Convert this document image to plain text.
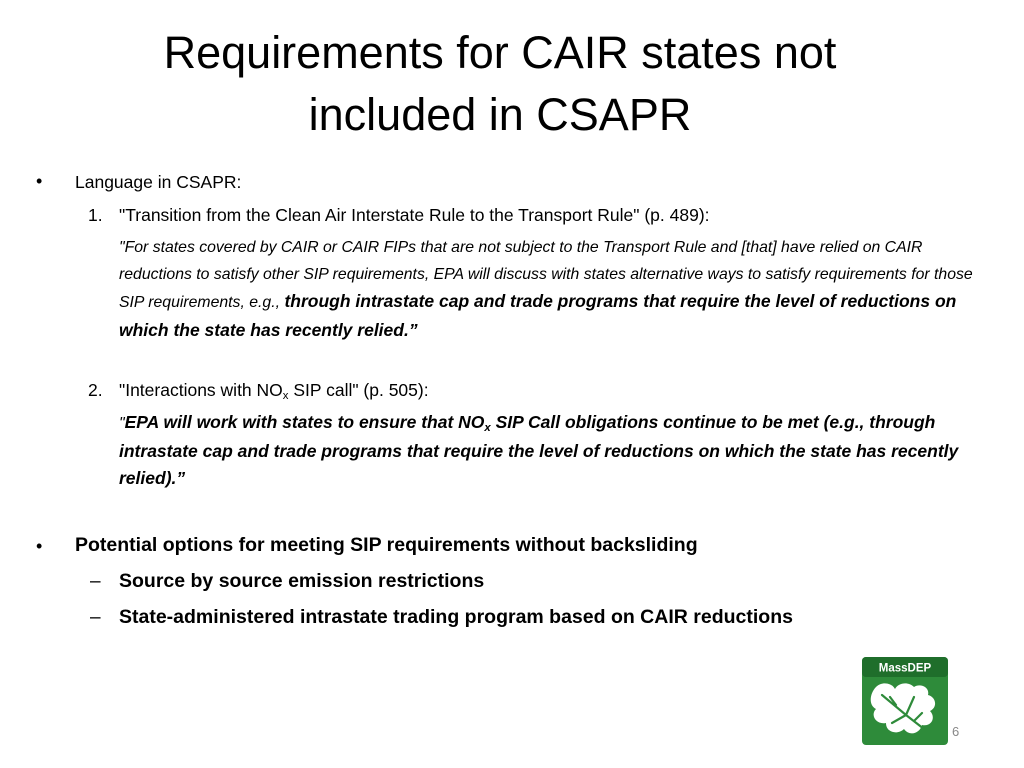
Requirements for CAIR states not
included in CSAPR
• Language in CSAPR:
1. "Transition from the Clean Air Interstate Rule to the Transport Rule" (p. 489):
"For states covered by CAIR or CAIR FIPs that are not subject to the Transport Rule and [that] have relied on CAIR reductions to satisfy other SIP requirements, EPA will discuss with states alternative ways to satisfy requirements for those SIP requirements, e.g., through intrastate cap and trade programs that require the level of reductions on which the state has recently relied.”
2. "Interactions with $NO_x$ SIP call" (p. 505):
"EPA will work with states to ensure that $NO_x$ SIP Call obligations continue to be met (e.g., through intrastate cap and trade programs that require the level of reductions on which the state has recently relied).”
• Potential options for meeting SIP requirements without backsliding
– Source by source emission restrictions
– State-administered intrastate trading program based on CAIR reductions
MassDEP
6
